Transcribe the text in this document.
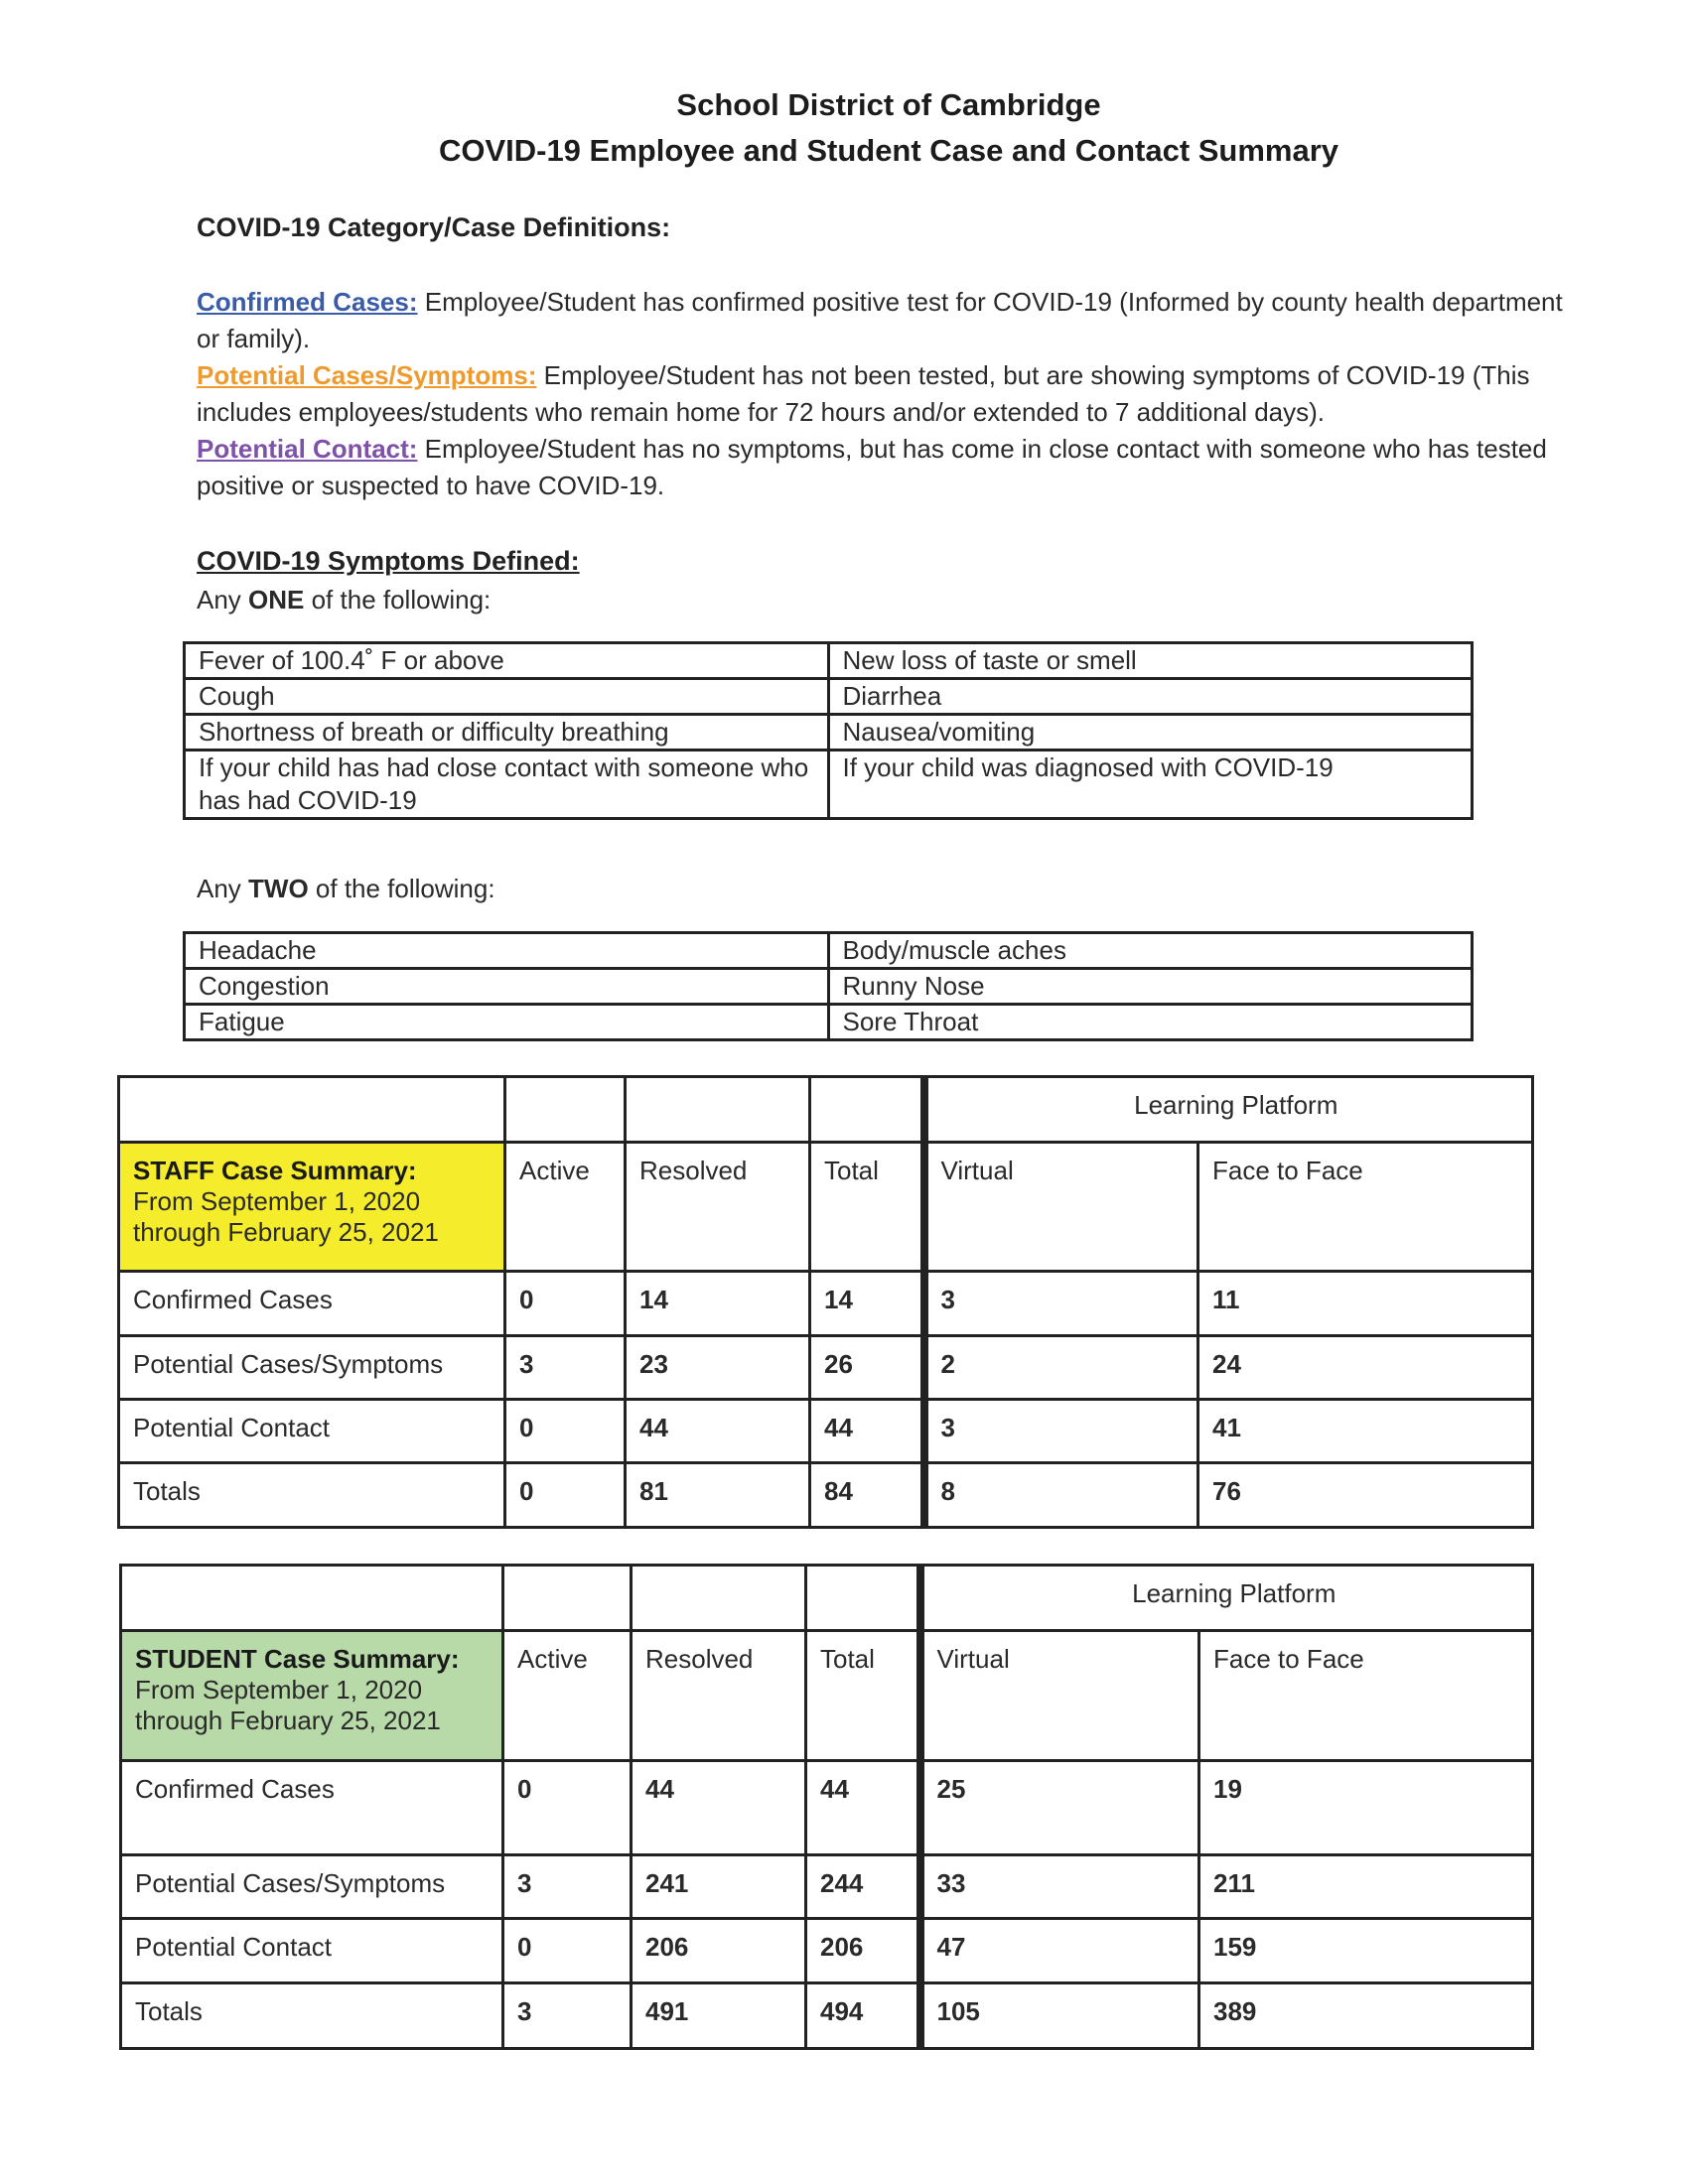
School District of Cambridge
COVID-19 Employee and Student Case and Contact Summary
COVID-19 Category/Case Definitions:

Confirmed Cases: Employee/Student has confirmed positive test for COVID-19 (Informed by county health department or family).

Potential Cases/Symptoms: Employee/Student has not been tested, but are showing symptoms of COVID-19 (This includes employees/students who remain home for 72 hours and/or extended to 7 additional days).

Potential Contact: Employee/Student has no symptoms, but has come in close contact with someone who has tested positive or suspected to have COVID-19.

COVID-19 Symptoms Defined:
Any ONE of the following:
Fever of 100.4˚ F or above	New loss of taste or smell
Cough	Diarrhea
Shortness of breath or difficulty breathing	Nausea/vomiting
If your child has had close contact with someone who has had COVID-19	If your child was diagnosed with COVID-19
Any TWO of the following:
Headache	Body/muscle aches
Congestion	Runny Nose
Fatigue	Sore Throat
				Learning Platform	
STAFF Case Summary:
From September 1, 2020
through February 25, 2021	Active	Resolved	Total	Virtual	Face to Face
Confirmed Cases	0	14	14	3	11
Potential Cases/Symptoms	3	23	26	2	24
Potential Contact	0	44	44	3	41
Totals	0	81	84	8	76
				Learning Platform	
STUDENT Case Summary:
From September 1, 2020
through February 25, 2021	Active	Resolved	Total	Virtual	Face to Face
Confirmed Cases	0	44	44	25	19
Potential Cases/Symptoms	3	241	244	33	211
Potential Contact	0	206	206	47	159
Totals	3	491	494	105	389
